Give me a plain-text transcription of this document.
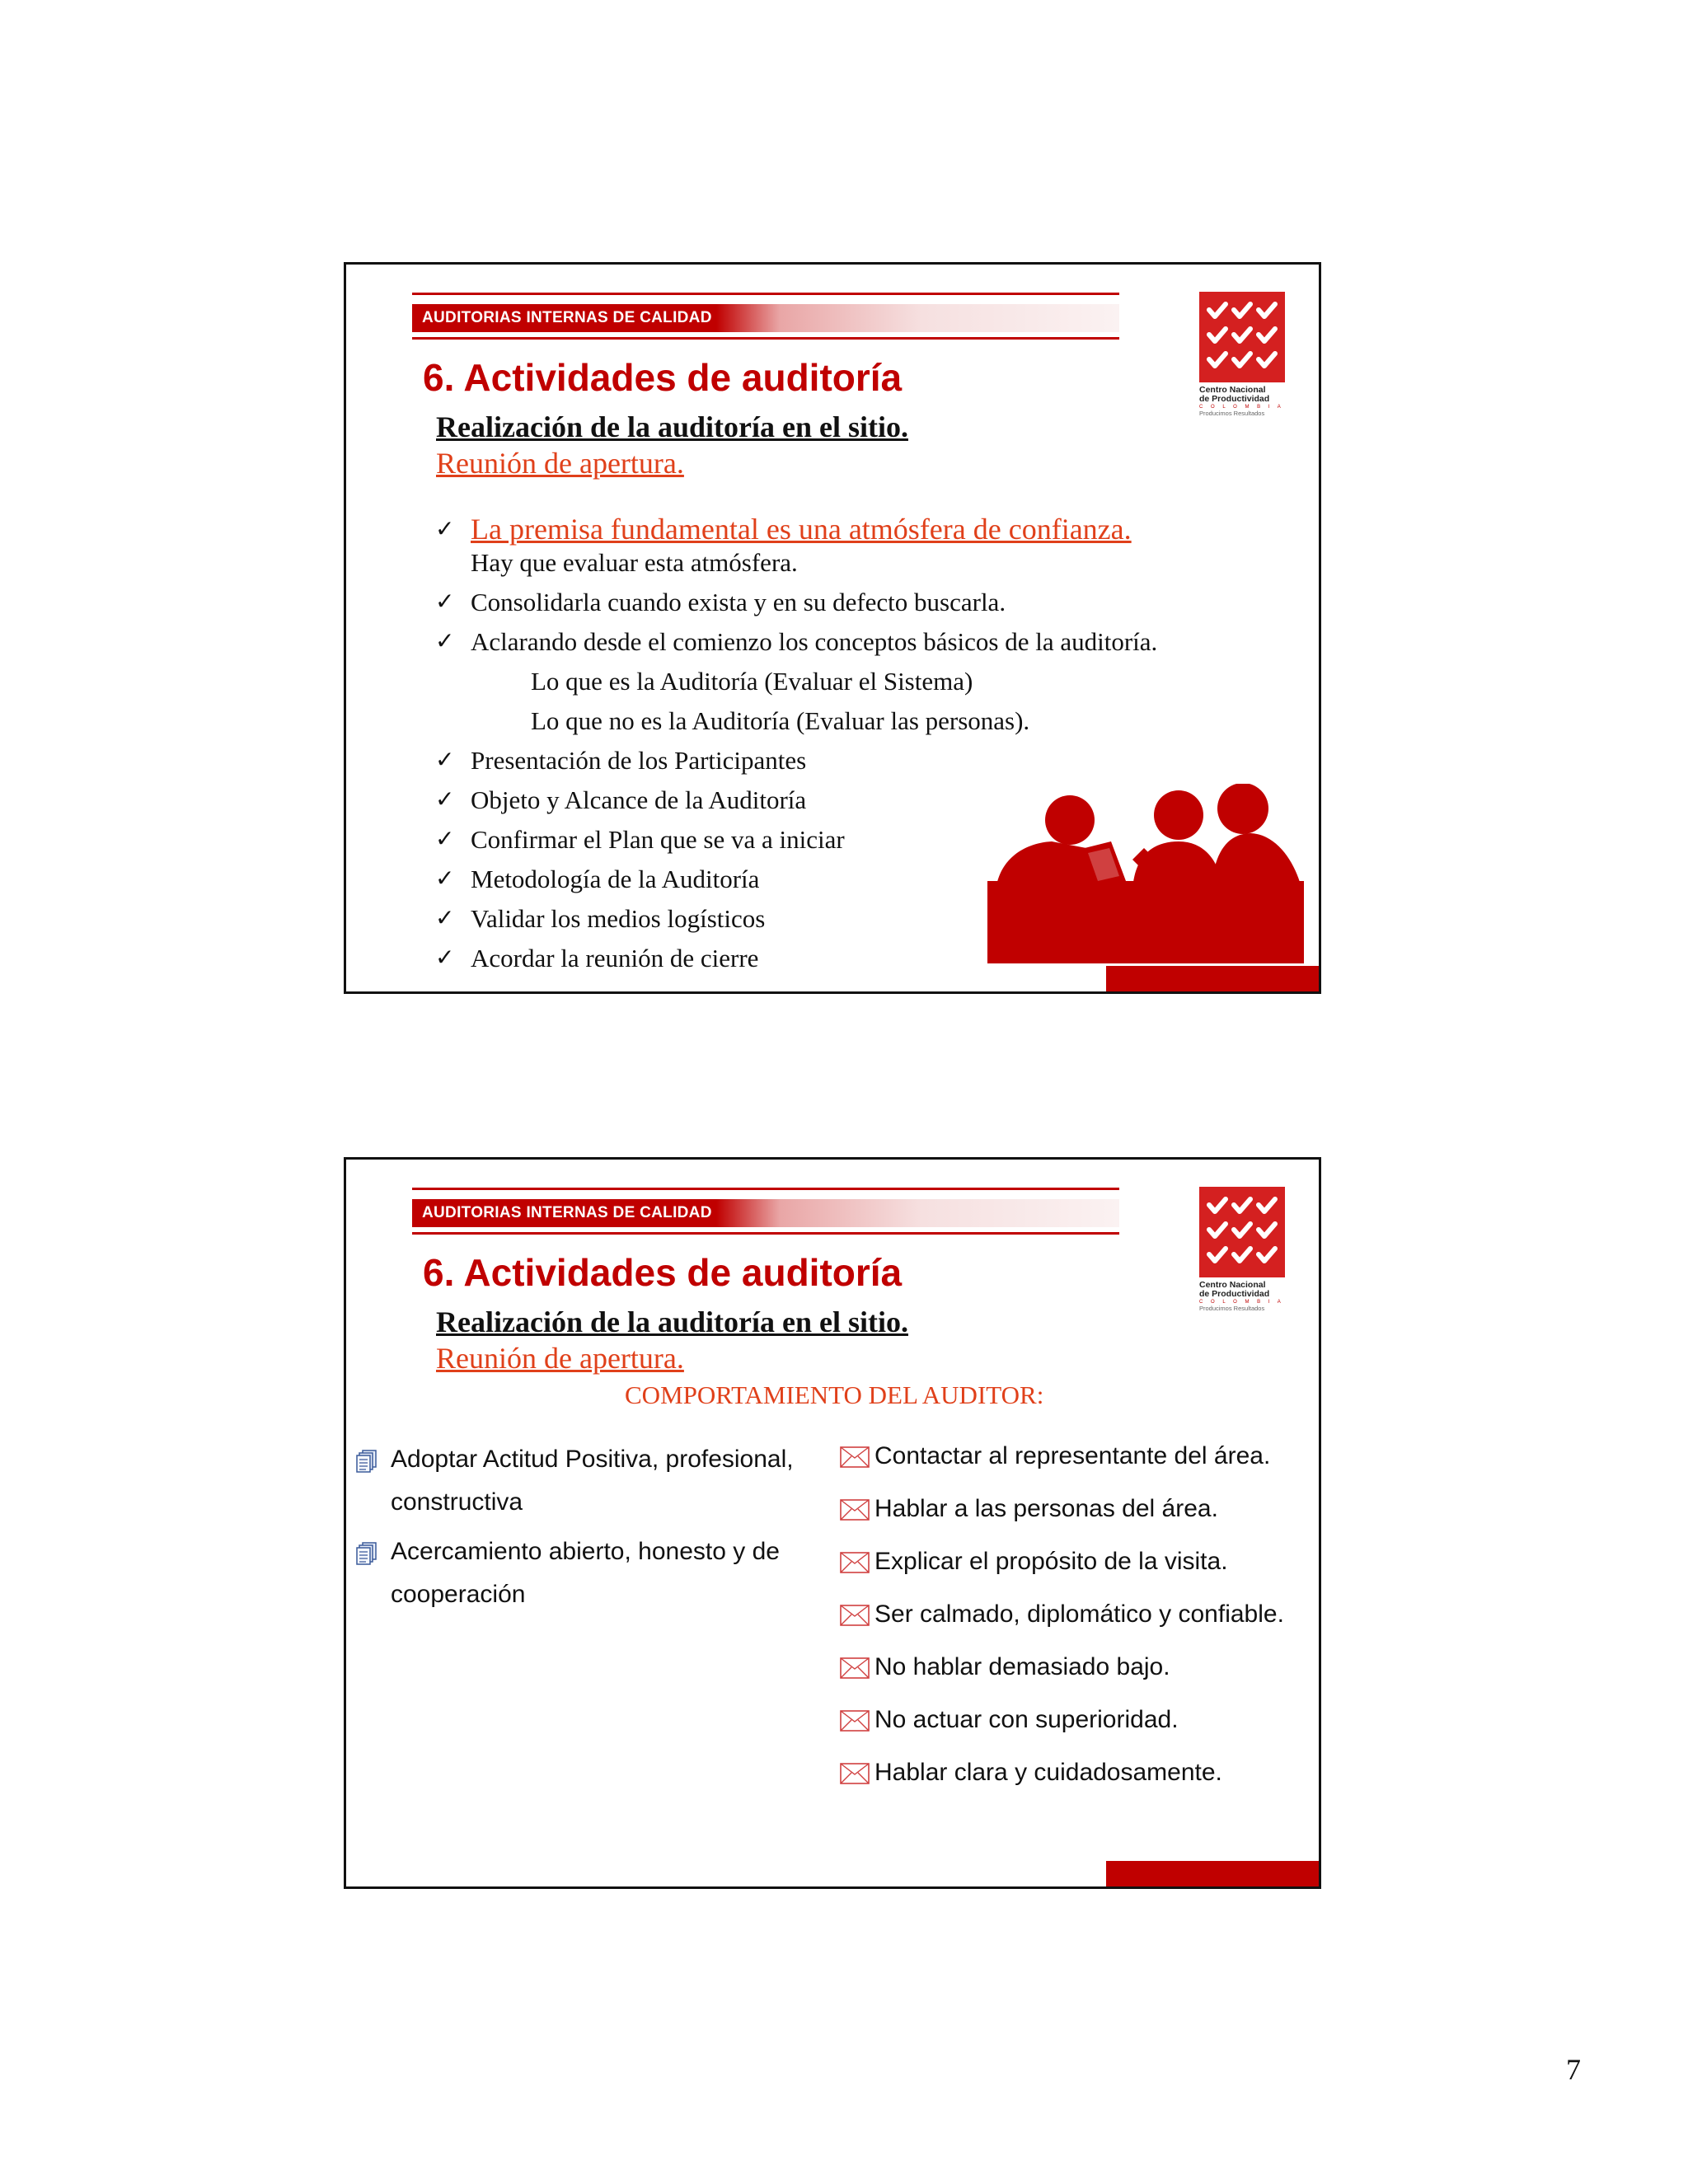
AUDITORIAS INTERNAS DE CALIDAD
Centro Nacional
de Productividad
C O L O M B I A
Producimos Resultados
6. Actividades de auditoría
Realización de la auditoría en el sitio.
Reunión de apertura.
✓ La premisa fundamental es una atmósfera de confianza.
Hay que evaluar esta atmósfera.
✓ Consolidarla cuando exista y en su defecto buscarla.
✓ Aclarando desde el comienzo los conceptos básicos de la auditoría.
Lo que es la Auditoría (Evaluar el Sistema)
Lo que no es la Auditoría (Evaluar las personas).
✓ Presentación de los Participantes
✓ Objeto y Alcance de la Auditoría
✓ Confirmar el Plan que se va a iniciar
✓ Metodología de la Auditoría
✓ Validar los medios logísticos
✓ Acordar la reunión de cierre
AUDITORIAS INTERNAS DE CALIDAD
Centro Nacional
de Productividad
C O L O M B I A
Producimos Resultados
6. Actividades de auditoría
Realización de la auditoría en el sitio.
Reunión de apertura.
COMPORTAMIENTO DEL AUDITOR:
Adoptar Actitud Positiva, profesional, constructiva
Acercamiento abierto, honesto y de cooperación
Contactar al representante del área.
Hablar a las personas del área.
Explicar el propósito de la visita.
Ser calmado, diplomático y confiable.
No hablar demasiado bajo.
No actuar con superioridad.
Hablar clara y cuidadosamente.
7
